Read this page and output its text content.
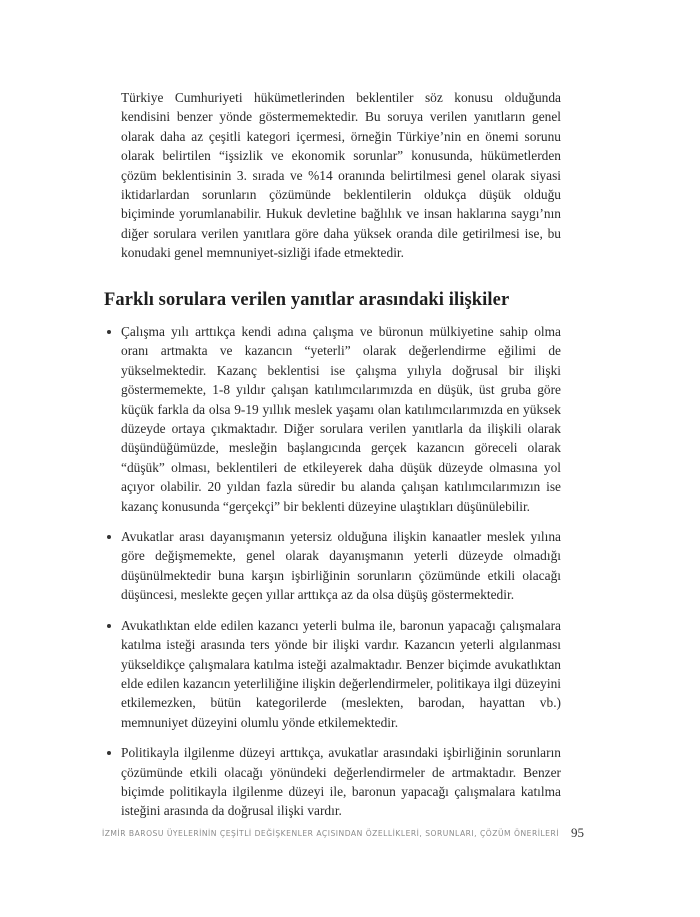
Türkiye Cumhuriyeti hükümetlerinden beklentiler söz konusu olduğunda kendisini benzer yönde göstermemektedir. Bu soruya verilen yanıtların genel olarak daha az çeşitli kategori içermesi, örneğin Türkiye’nin en önemi sorunu olarak belirtilen “işsizlik ve ekonomik sorunlar” konusunda, hükümetlerden çözüm beklentisinin 3. sırada ve %14 oranında belirtilmesi genel olarak siyasi iktidarlardan sorunların çözümünde beklentilerin oldukça düşük olduğu biçiminde yorumlanabilir. Hukuk devletine bağlılık ve insan haklarına saygı’nın diğer sorulara verilen yanıtlara göre daha yüksek oranda dile getirilmesi ise, bu konudaki genel memnuniyet-sizliği ifade etmektedir.

Farklı sorulara verilen yanıtlar arasındaki ilişkiler
Çalışma yılı arttıkça kendi adına çalışma ve büronun mülkiyetine sahip olma oranı artmakta ve kazancın “yeterli” olarak değerlendirme eğilimi de yükselmektedir. Kazanç beklentisi ise çalışma yılıyla doğrusal bir ilişki göstermemekte, 1-8 yıldır çalışan katılımcılarımızda en düşük, üst gruba göre küçük farkla da olsa 9-19 yıllık meslek yaşamı olan katılımcılarımızda en yüksek düzeyde ortaya çıkmaktadır. Diğer sorulara verilen yanıtlarla da ilişkili olarak düşündüğümüzde, mesleğin başlangıcında gerçek kazancın göreceli olarak “düşük” olması, beklentileri de etkileyerek daha düşük düzeyde olmasına yol açıyor olabilir. 20 yıldan fazla süredir bu alanda çalışan katılımcılarımızın ise kazanç konusunda “gerçekçi” bir beklenti düzeyine ulaştıkları düşünülebilir.
Avukatlar arası dayanışmanın yetersiz olduğuna ilişkin kanaatler meslek yılına göre değişmemekte, genel olarak dayanışmanın yeterli düzeyde olmadığı düşünülmektedir buna karşın işbirliğinin sorunların çözümünde etkili olacağı düşüncesi, meslekte geçen yıllar arttıkça az da olsa düşüş göstermektedir.
Avukatlıktan elde edilen kazancı yeterli bulma ile, baronun yapacağı çalışmalara katılma isteği arasında ters yönde bir ilişki vardır. Kazancın yeterli algılanması yükseldikçe çalışmalara katılma isteği azalmaktadır. Benzer biçimde avukatlıktan elde edilen kazancın yeterliliğine ilişkin değerlendirmeler, politikaya ilgi düzeyini etkilemezken, bütün kategorilerde (meslekten, barodan, hayattan vb.) memnuniyet düzeyini olumlu yönde etkilemektedir.
Politikayla ilgilenme düzeyi arttıkça, avukatlar arasındaki işbirliğinin sorunların çözümünde etkili olacağı yönündeki değerlendirmeler de artmaktadır. Benzer biçimde politikayla ilgilenme düzeyi ile, baronun yapacağı çalışmalara katılma isteğini arasında da doğrusal ilişki vardır.
İZMİR BAROSU ÜYELERİNİN ÇEŞİTLİ DEĞİŞKENLER AÇISINDAN ÖZELLİKLERİ, SORUNLARI, ÇÖZÜM ÖNERİLERİ 95
